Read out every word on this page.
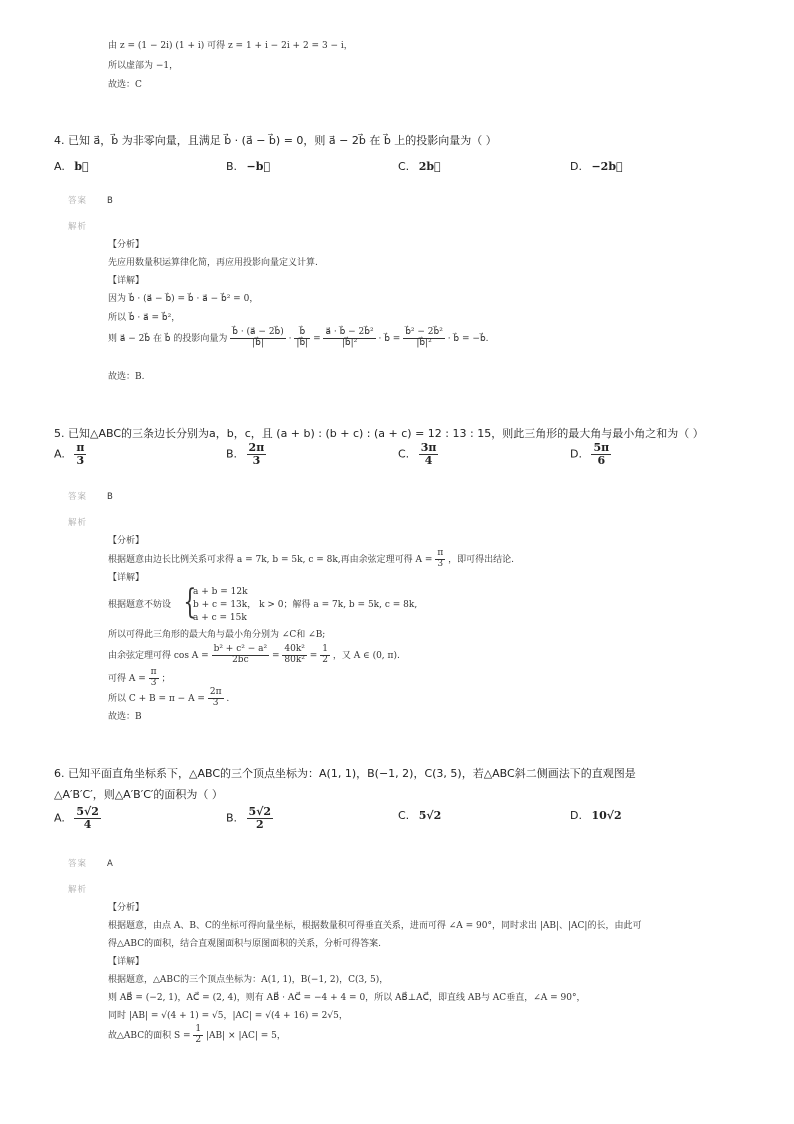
由 z = (1 − 2i) (1 + i) 可得 z = 1 + i − 2i + 2 = 3 − i，
所以虚部为 −1，
故选：C
4. 已知 a⃗，b⃗ 为非零向量，且满足 b⃗ · (a⃗ − b⃗) = 0，则 a⃗ − 2b⃗ 在 b⃗ 上的投影向量为（ ）
A. b⃗	B. −b⃗	C. 2b⃗	D. −2b⃗
答案 B
解析
【分析】
先应用数量积运算律化简，再应用投影向量定义计算.
【详解】
因为 b⃗ · (a⃗ − b⃗) = b⃗ · a⃗ − b⃗² = 0，
所以 b⃗ · a⃗ = b⃗²，
则 a⃗ − 2b⃗ 在 b⃗ 的投影向量为 $\frac{b⃗ \cdot (a⃗ - 2b⃗)}{|b⃗|} \cdot \frac{b⃗}{|b⃗|} = \frac{\text{a⃗ · b⃗ − 2b⃗²}}{\text{|b⃗|²}}$ · b⃗ = $\frac{\text{b⃗² − 2b⃗²}}{\text{|b⃗|²}}$ · b⃗ = −b⃗.
故选：B.
5. 已知△ABC的三条边长分别为a，b，c，且 (a + b) : (b + c) : (a + c) = 12 : 13 : 15，则此三角形的最大角与最小角之和为（ ）
A. $\frac{\pi}{3}$	B. $\frac{2\pi}{3}$	C. $\frac{3\pi}{4}$	D. $\frac{5\pi}{6}$
答案 B
解析
【分析】
根据题意由边长比例关系可求得 a = 7k, b = 5k, c = 8k,再由余弦定理可得 $A = \frac{\pi}{3}$ ，即可得出结论.
【详解】
根据题意不妨设 {
a + b = 12k
b + c = 13k， k > 0；解得 a = 7k, b = 5k, c = 8k,
a + c = 15k
所以可得此三角形的最大角与最小角分别为 ∠C和 ∠B;
由余弦定理可得 $\cos A = \frac{\text{b² + c² − a²}}{2bc} = \frac{\text{40k²}}{\text{80k²}} = \frac{1}{2}$ ，又 A ∈ (0, π).
可得 $A = \frac{\pi}{3}$ ；
所以 $C + B = \pi - A = \frac{2\pi}{3}$ .
故选：B
6. 已知平面直角坐标系下，△ABC的三个顶点坐标为：A(1, 1)，B(−1, 2)，C(3, 5)，若△ABC斜二侧画法下的直观图是
△A′B′C′，则△A′B′C′的面积为（ ）
A. $\frac{5√2}{4}$	B. $\frac{5√2}{2}$	C. 5√2	D. 10√2
答案 A
解析
【分析】
根据题意，由点 A、B、C的坐标可得向量坐标，根据数量积可得垂直关系，进而可得 ∠A = 90°，同时求出 |AB|、|AC|的长，由此可
得△ABC的面积，结合直观图面积与原图面积的关系，分析可得答案.
【详解】
根据题意，△ABC的三个顶点坐标为：A(1, 1)，B(−1, 2)，C(3, 5)，
则 AB⃗ = (−2, 1)，AC⃗ = (2, 4)，则有 AB⃗ · AC⃗ = −4 + 4 = 0，所以 AB⃗⊥AC⃗，即直线 AB与 AC垂直，∠A = 90°，
同时 |AB| = √(4 + 1) = √5，|AC| = √(4 + 16) = 2√5，
故△ABC的面积 $S = \frac{1}{2} |AB| \times |AC| = 5$，
